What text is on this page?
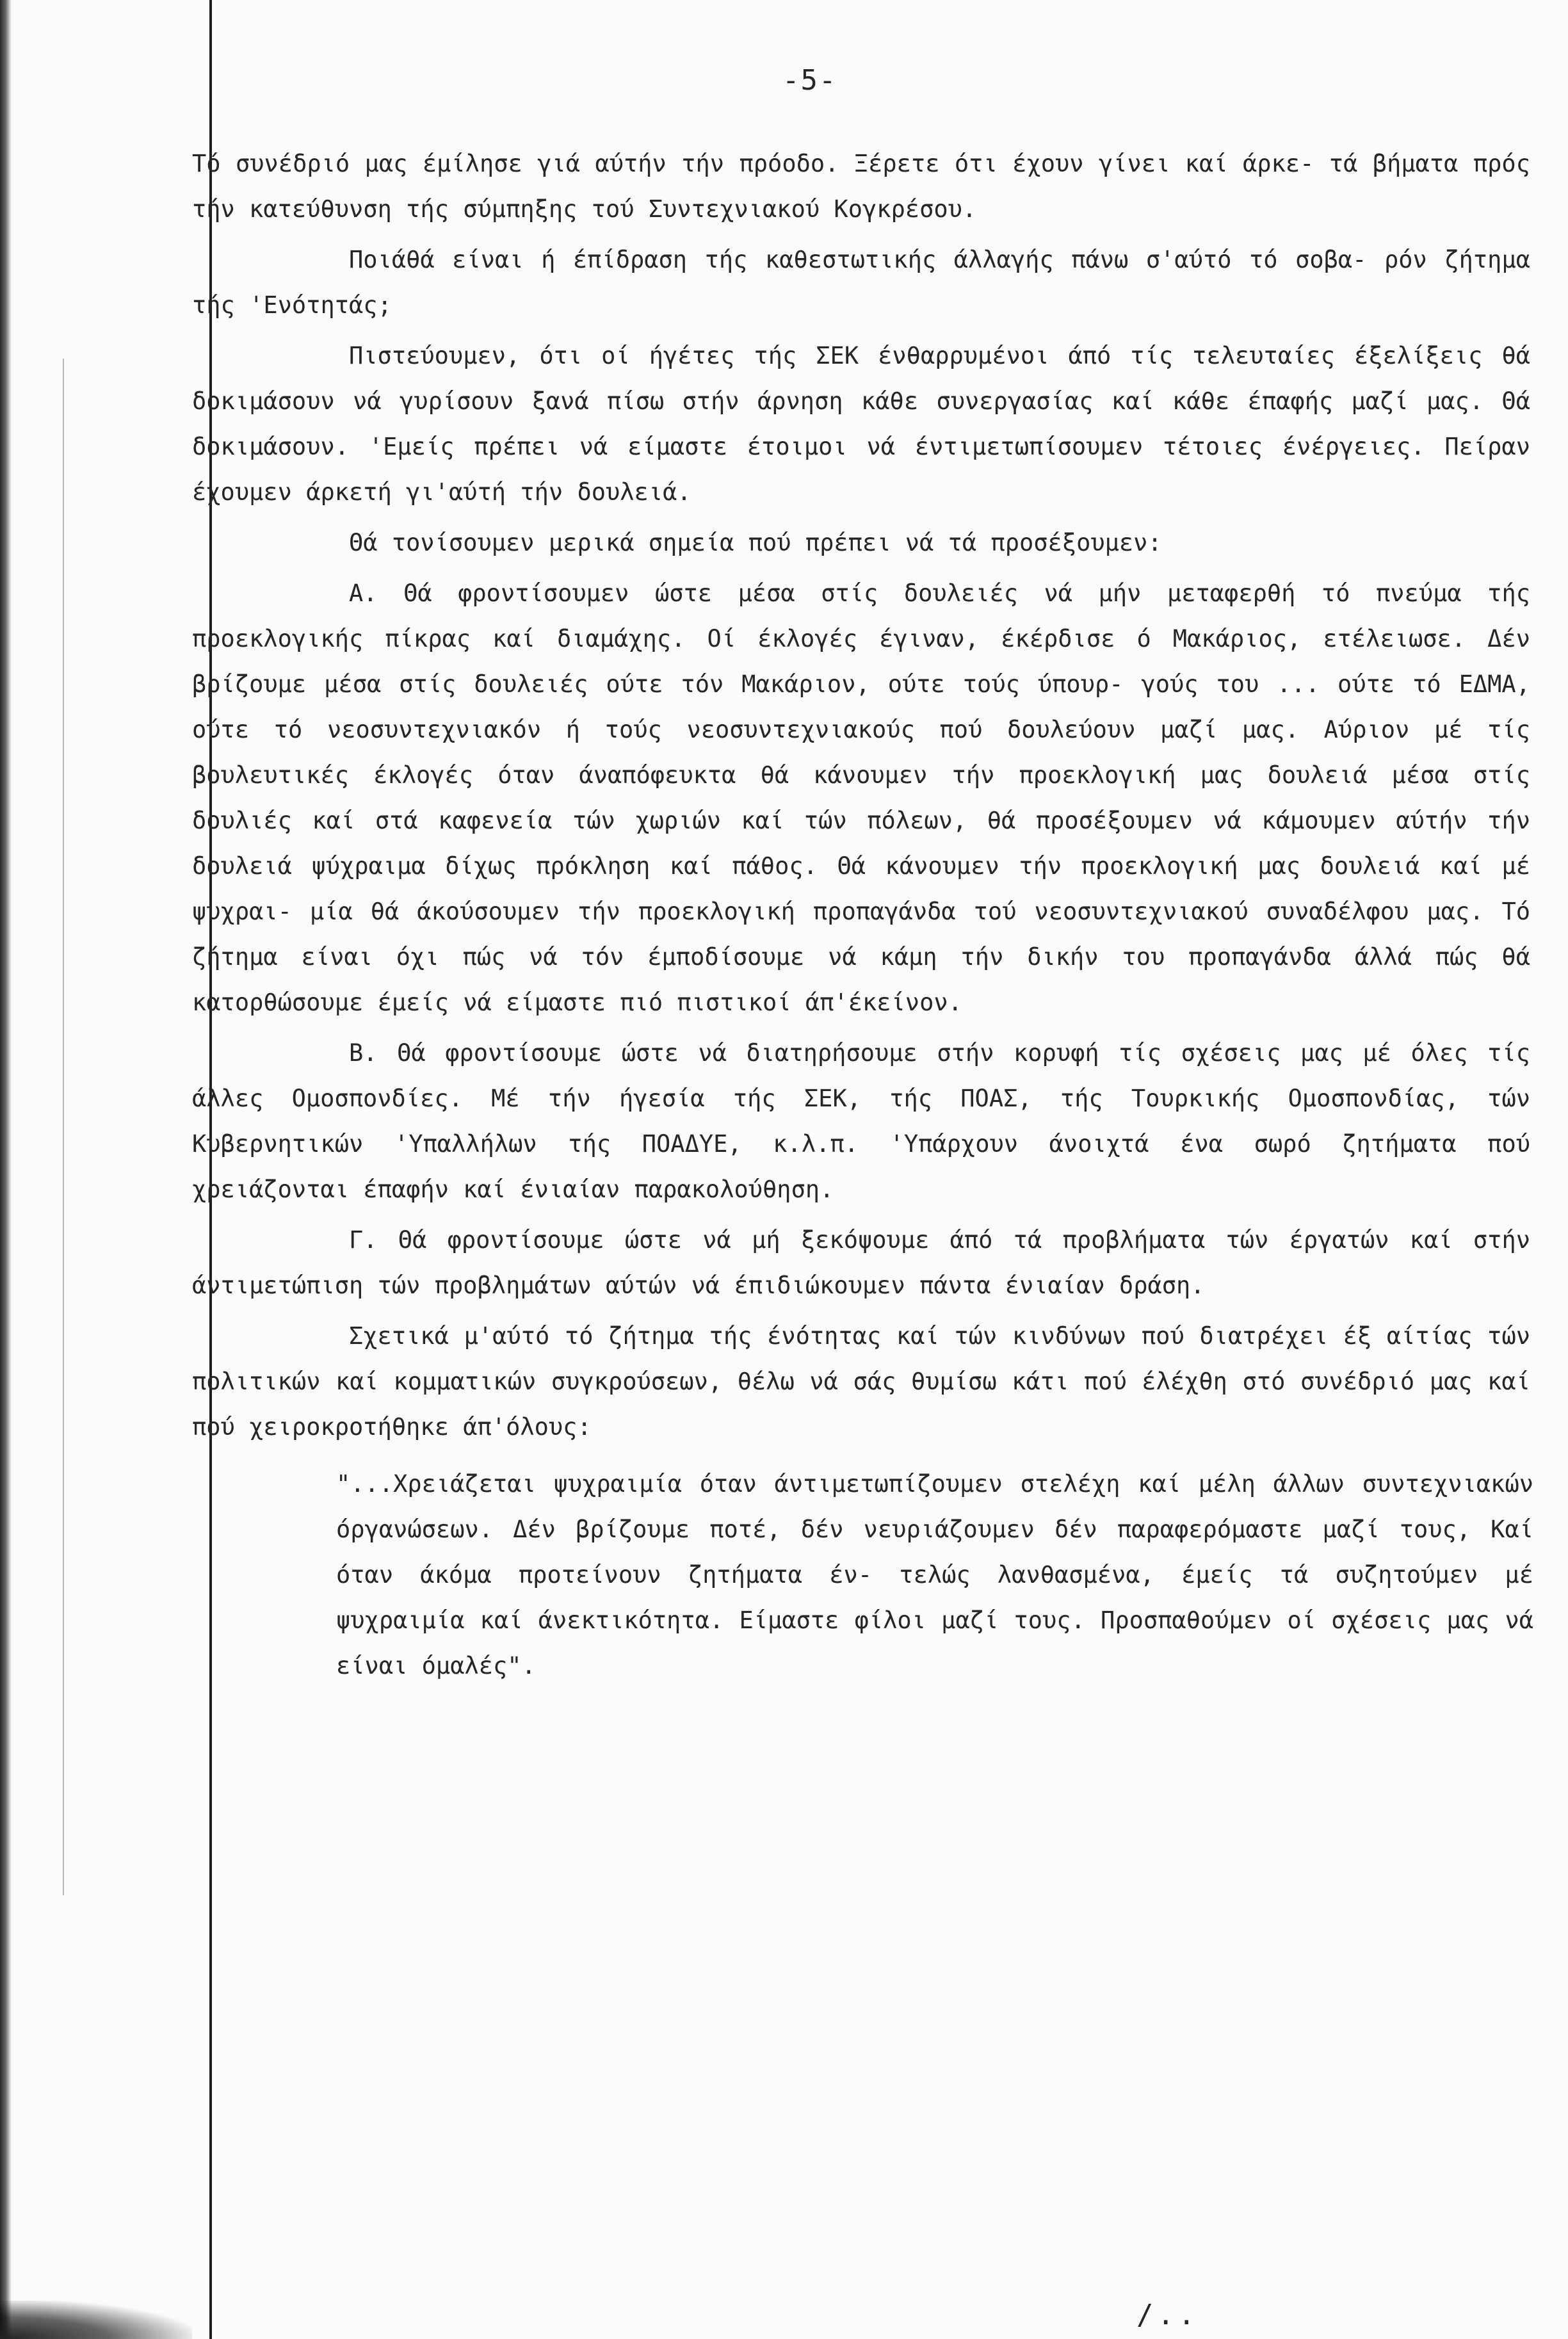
-5-

Τό συνέδριό μας έμίλησε γιά αύτήν τήν πρόοδο. Ξέρετε ότι έχουν γίνει καί άρκε- τά βήματα πρός τήν κατεύθυνση τής σύμπηξης τού Συντεχνιακού Κογκρέσου.

Ποιάθά είναι ή έπίδραση τής καθεστωτικής άλλαγής πάνω σ'αύτό τό σοβα- ρόν ζήτημα τής 'Ενότητάς;

Πιστεύουμεν, ότι οί ήγέτες τής ΣΕΚ ένθαρρυμένοι άπό τίς τελευταίες έξελίξεις θά δοκιμάσουν νά γυρίσουν ξανά πίσω στήν άρνηση κάθε συνεργασίας καί κάθε έπαφής μαζί μας. Θά δοκιμάσουν. 'Εμείς πρέπει νά είμαστε έτοιμοι νά έντιμετωπίσουμεν τέτοιες ένέργειες. Πείραν έχουμεν άρκετή γι'αύτή τήν δουλειά.

Θά τονίσουμεν μερικά σημεία πού πρέπει νά τά προσέξουμεν:

Α. Θά φροντίσουμεν ώστε μέσα στίς δουλειές νά μήν μεταφερθή τό πνεύμα τής προεκλογικής πίκρας καί διαμάχης. Οί έκλογές έγιναν, έκέρδισε ό Μακάριος, ετέλειωσε. Δέν βρίζουμε μέσα στίς δουλειές ούτε τόν Μακάριον, ούτε τούς ύπουρ- γούς του ... ούτε τό ΕΔΜΑ, ούτε τό νεοσυντεχνιακόν ή τούς νεοσυντεχνιακούς πού δουλεύουν μαζί μας. Αύριον μέ τίς βουλευτικές έκλογές όταν άναπόφευκτα θά κάνουμεν τήν προεκλογική μας δουλειά μέσα στίς δουλιές καί στά καφενεία τών χωριών καί τών πόλεων, θά προσέξουμεν νά κάμουμεν αύτήν τήν δουλειά ψύχραιμα δίχως πρόκληση καί πάθος. Θά κάνουμεν τήν προεκλογική μας δουλειά καί μέ ψυχραι- μία θά άκούσουμεν τήν προεκλογική προπαγάνδα τού νεοσυντεχνιακού συναδέλφου μας. Τό ζήτημα είναι όχι πώς νά τόν έμποδίσουμε νά κάμη τήν δικήν του προπαγάνδα άλλά πώς θά κατορθώσουμε έμείς νά είμαστε πιό πιστικοί άπ'έκείνον.

Β. Θά φροντίσουμε ώστε νά διατηρήσουμε στήν κορυφή τίς σχέσεις μας μέ όλες τίς άλλες Ομοσπονδίες. Μέ τήν ήγεσία τής ΣΕΚ, τής ΠΟΑΣ, τής Τουρκικής Ομοσπονδίας, τών Κυβερνητικών 'Υπαλλήλων τής ΠΟΑΔΥΕ, κ.λ.π. 'Υπάρχουν άνοιχτά ένα σωρό ζητήματα πού χρειάζονται έπαφήν καί ένιαίαν παρακολούθηση.

Γ. Θά φροντίσουμε ώστε νά μή ξεκόψουμε άπό τά προβλήματα τών έργατών καί στήν άντιμετώπιση τών προβλημάτων αύτών νά έπιδιώκουμεν πάντα ένιαίαν δράση.

Σχετικά μ'αύτό τό ζήτημα τής ένότητας καί τών κινδύνων πού διατρέχει έξ αίτίας τών πολιτικών καί κομματικών συγκρούσεων, θέλω νά σάς θυμίσω κάτι πού έλέχθη στό συνέδριό μας καί πού χειροκροτήθηκε άπ'όλους:

"...Χρειάζεται ψυχραιμία όταν άντιμετωπίζουμεν στελέχη καί μέλη άλλων συντεχνιακών όργανώσεων. Δέν βρίζουμε ποτέ, δέν νευριάζουμεν δέν παραφερόμαστε μαζί τους, Καί όταν άκόμα προτείνουν ζητήματα έν- τελώς λανθασμένα, έμείς τά συζητούμεν μέ ψυχραιμία καί άνεκτικότητα. Είμαστε φίλοι μαζί τους. Προσπαθούμεν οί σχέσεις μας νά είναι όμαλές".
/..
